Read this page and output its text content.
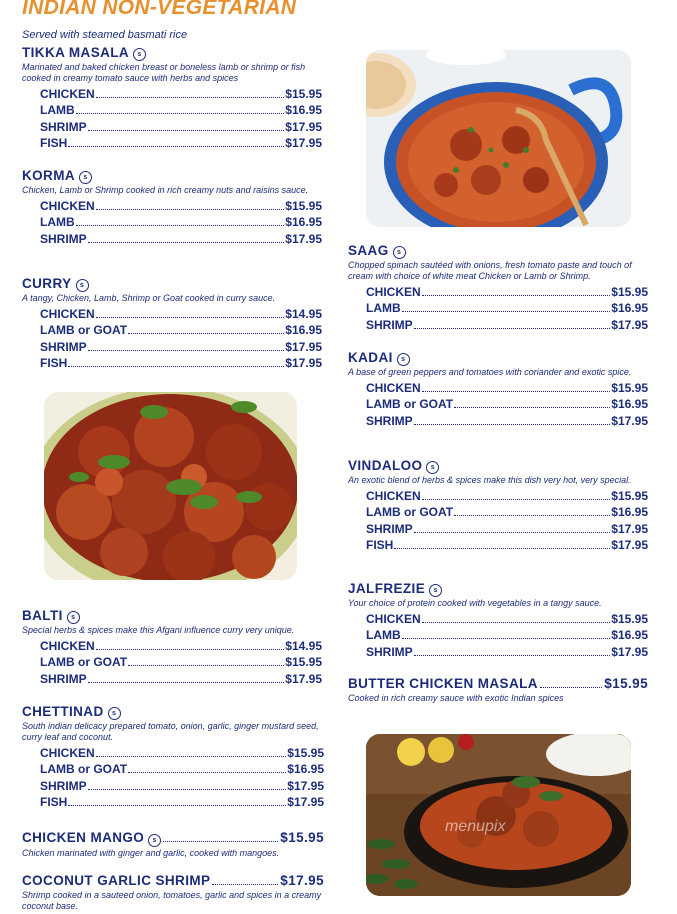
INDIAN NON-VEGETARIAN
Served with steamed basmati rice
TIKKA MASALA s
Marinated and baked chicken breast or boneless lamb or shrimp or fish cooked in creamy tomato sauce with herbs and spices
CHICKEN	$15.95
LAMB	$16.95
SHRIMP	$17.95
FISH	$17.95
KORMA s
Chicken, Lamb or Shrimp cooked in rich creamy nuts and raisins sauce.
CHICKEN	$15.95
LAMB	$16.95
SHRIMP	$17.95
CURRY s
A tangy, Chicken, Lamb, Shrimp or Goat cooked in curry sauce.
CHICKEN	$14.95
LAMB or GOAT	$16.95
SHRIMP	$17.95
FISH	$17.95
BALTI s
Special herbs & spices make this Afgani influence curry very unique.
CHICKEN	$14.95
LAMB or GOAT	$15.95
SHRIMP	$17.95
CHETTINAD s
South indian delicacy prepared tomato, onion, garlic, ginger mustard seed, curry leaf and coconut.
CHICKEN	$15.95
LAMB or GOAT	$16.95
SHRIMP	$17.95
FISH	$17.95
CHICKEN MANGO	s	$15.95
Chicken marinated with ginger and garlic, cooked with mangoes.
COCONUT GARLIC SHRIMP	$17.95
Shrimp cooked in a sauteed onion, tomatoes, garlic and spices in a creamy coconut base.
SAAG s
Chopped spinach sautéed with onions, fresh tomato paste and touch of cream with choice of white meat Chicken or Lamb or Shrimp.
CHICKEN	$15.95
LAMB	$16.95
SHRIMP	$17.95
KADAI s
A base of green peppers and tomatoes with coriander and exotic spice.
CHICKEN	$15.95
LAMB or GOAT	$16.95
SHRIMP	$17.95
VINDALOO s
An exotic blend of herbs & spices make this dish very hot, very special.
CHICKEN	$15.95
LAMB or GOAT	$16.95
SHRIMP	$17.95
FISH	$17.95
JALFREZIE s
Your choice of protein cooked with vegetables in a tangy sauce.
CHICKEN	$15.95
LAMB	$16.95
SHRIMP	$17.95
BUTTER CHICKEN MASALA	$15.95
Cooked in rich creamy sauce with exotic Indian spices
menupix
